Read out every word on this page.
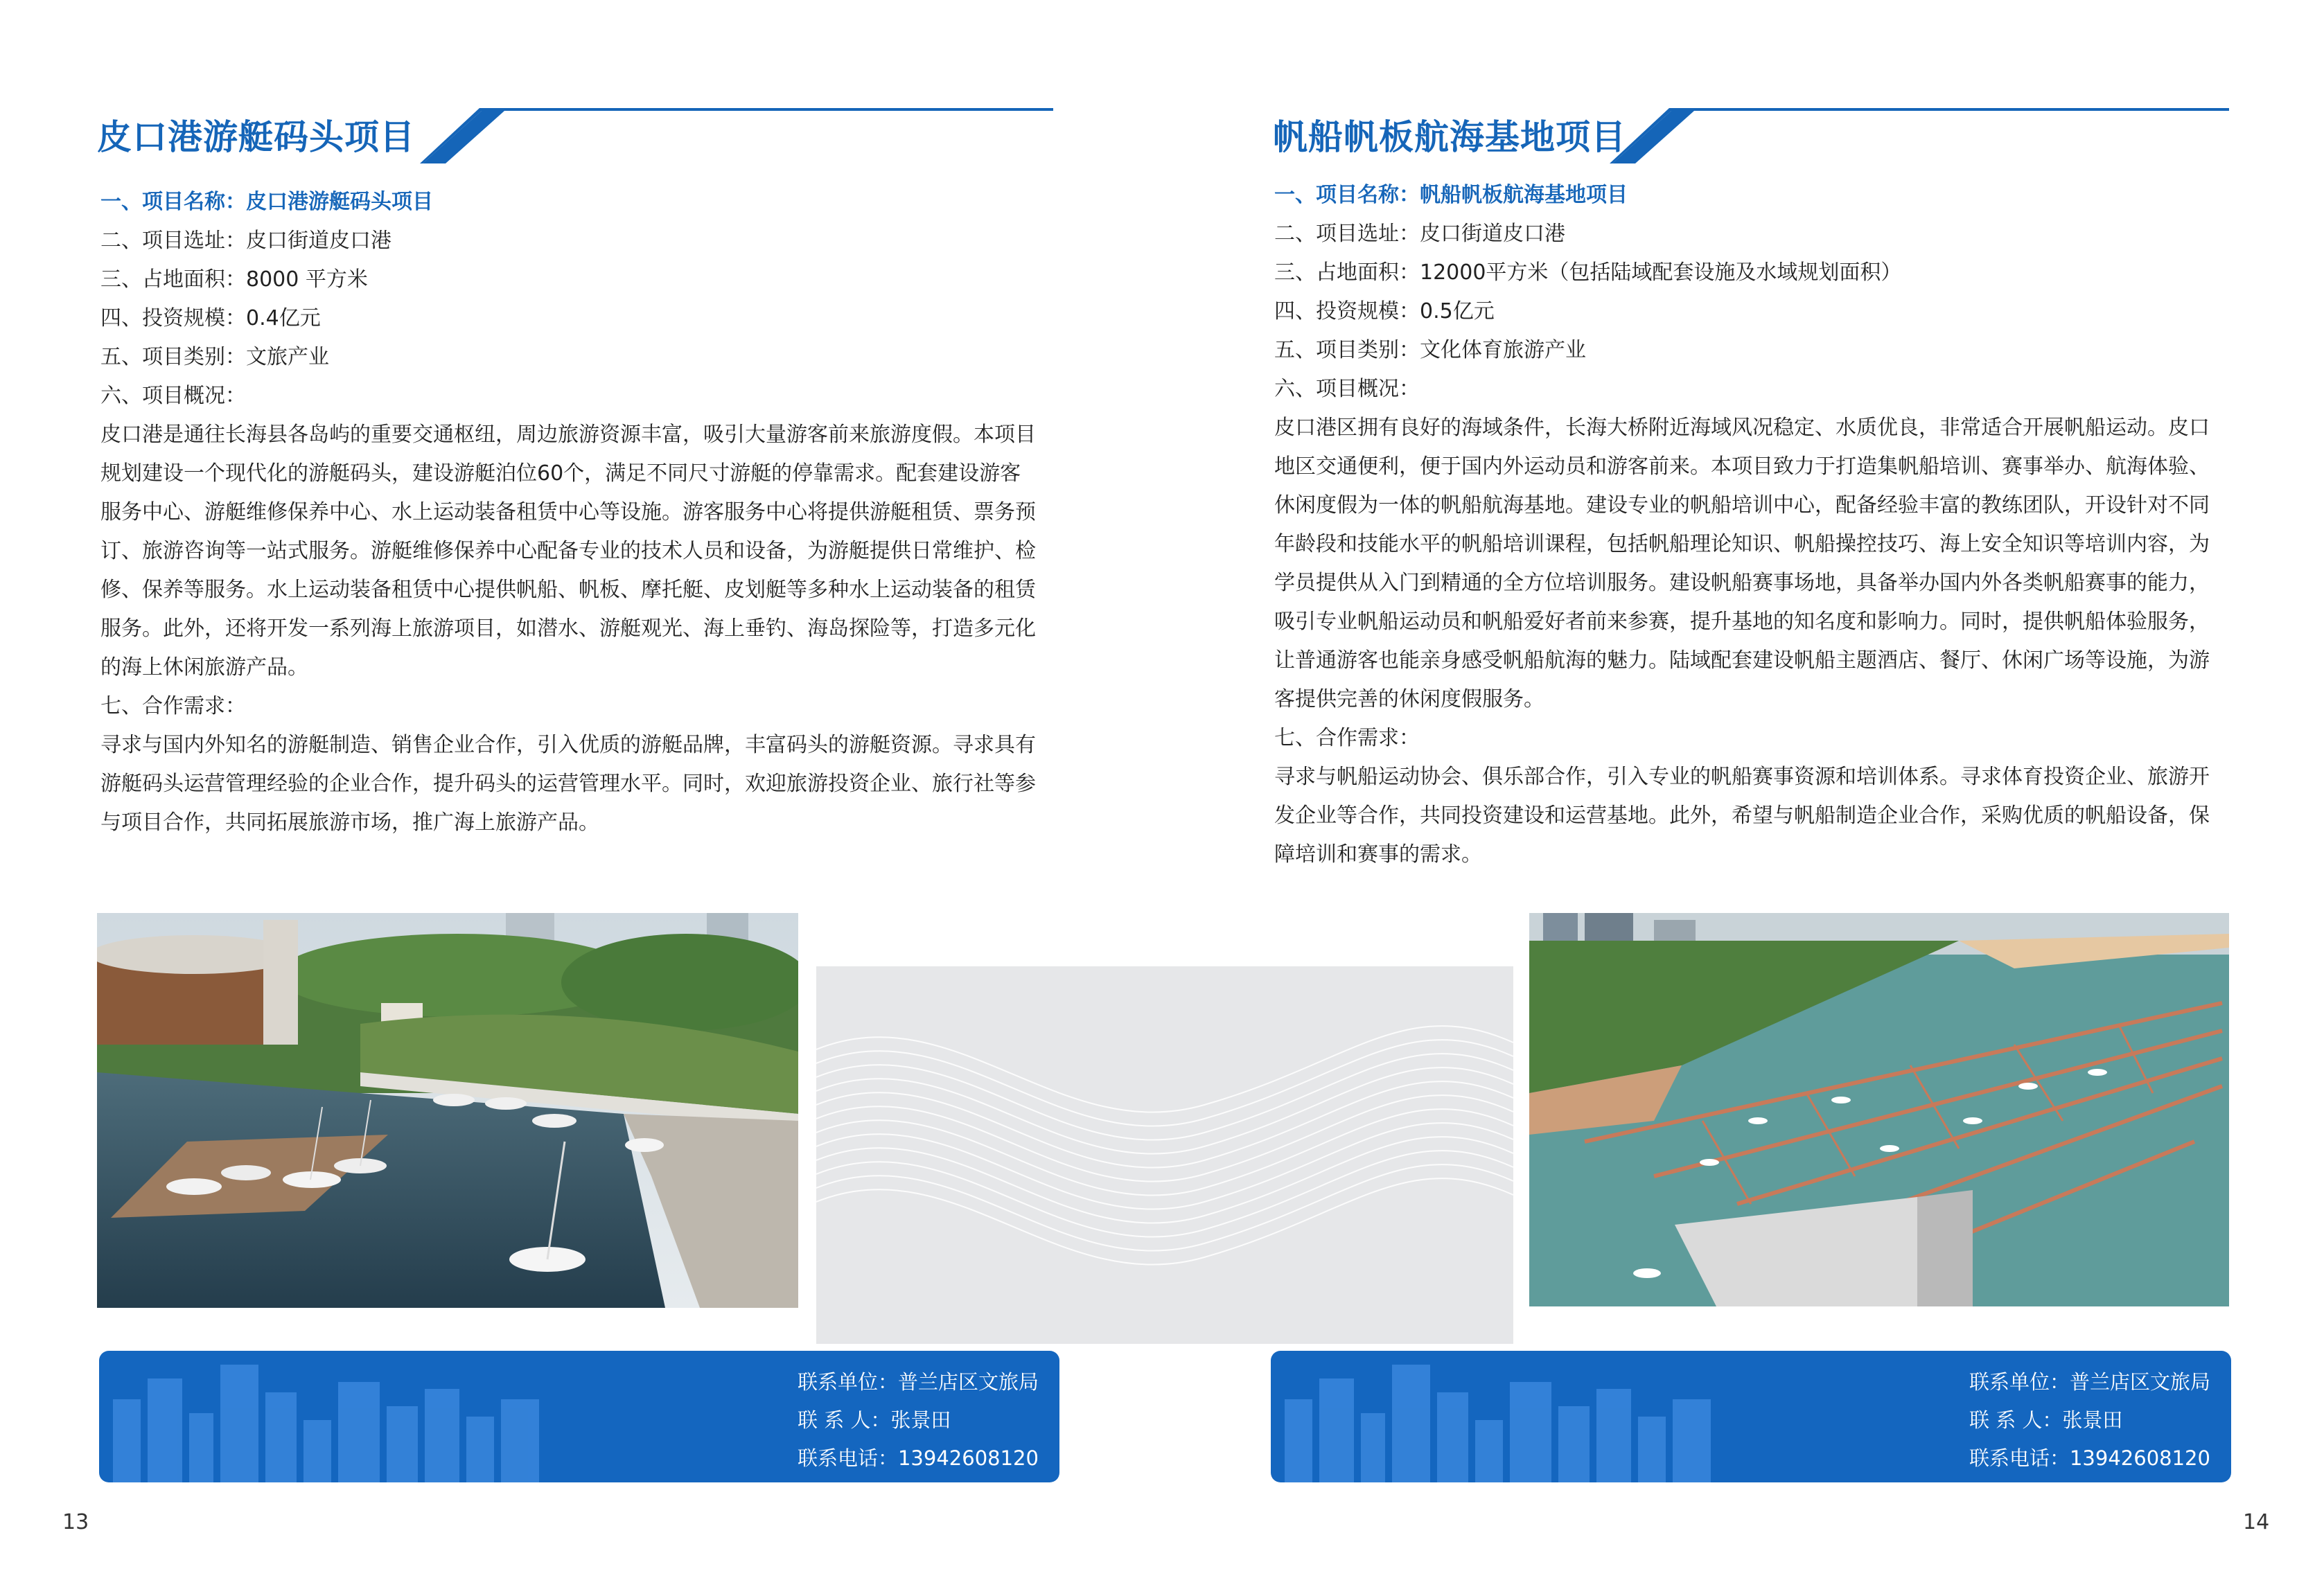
皮口港游艇码头项目
一、项目名称：皮口港游艇码头项目
二、项目选址：皮口街道皮口港
三、占地面积：8000 平方米
四、投资规模：0.4亿元
五、项目类别：文旅产业
六、项目概况：
皮口港是通往长海县各岛屿的重要交通枢纽，周边旅游资源丰富，吸引大量游客前来旅游度假。本项目
规划建设一个现代化的游艇码头，建设游艇泊位60个，满足不同尺寸游艇的停靠需求。配套建设游客
服务中心、游艇维修保养中心、水上运动装备租赁中心等设施。游客服务中心将提供游艇租赁、票务预
订、旅游咨询等一站式服务。游艇维修保养中心配备专业的技术人员和设备，为游艇提供日常维护、检
修、保养等服务。水上运动装备租赁中心提供帆船、帆板、摩托艇、皮划艇等多种水上运动装备的租赁
服务。此外，还将开发一系列海上旅游项目，如潜水、游艇观光、海上垂钓、海岛探险等，打造多元化
的海上休闲旅游产品。
七、合作需求：
寻求与国内外知名的游艇制造、销售企业合作，引入优质的游艇品牌，丰富码头的游艇资源。寻求具有
游艇码头运营管理经验的企业合作，提升码头的运营管理水平。同时，欢迎旅游投资企业、旅行社等参
与项目合作，共同拓展旅游市场，推广海上旅游产品。
联系单位：普兰店区文旅局
联 系 人：张景田
联系电话：13942608120
13
帆船帆板航海基地项目
一、项目名称：帆船帆板航海基地项目
二、项目选址：皮口街道皮口港
三、占地面积：12000平方米（包括陆域配套设施及水域规划面积）
四、投资规模：0.5亿元
五、项目类别：文化体育旅游产业
六、项目概况：
皮口港区拥有良好的海域条件，长海大桥附近海域风况稳定、水质优良，非常适合开展帆船运动。皮口
地区交通便利，便于国内外运动员和游客前来。本项目致力于打造集帆船培训、赛事举办、航海体验、
休闲度假为一体的帆船航海基地。建设专业的帆船培训中心，配备经验丰富的教练团队，开设针对不同
年龄段和技能水平的帆船培训课程，包括帆船理论知识、帆船操控技巧、海上安全知识等培训内容，为
学员提供从入门到精通的全方位培训服务。建设帆船赛事场地，具备举办国内外各类帆船赛事的能力，
吸引专业帆船运动员和帆船爱好者前来参赛，提升基地的知名度和影响力。同时，提供帆船体验服务，
让普通游客也能亲身感受帆船航海的魅力。陆域配套建设帆船主题酒店、餐厅、休闲广场等设施，为游
客提供完善的休闲度假服务。
七、合作需求：
寻求与帆船运动协会、俱乐部合作，引入专业的帆船赛事资源和培训体系。寻求体育投资企业、旅游开
发企业等合作，共同投资建设和运营基地。此外，希望与帆船制造企业合作，采购优质的帆船设备，保
障培训和赛事的需求。
联系单位：普兰店区文旅局
联 系 人：张景田
联系电话：13942608120
14
